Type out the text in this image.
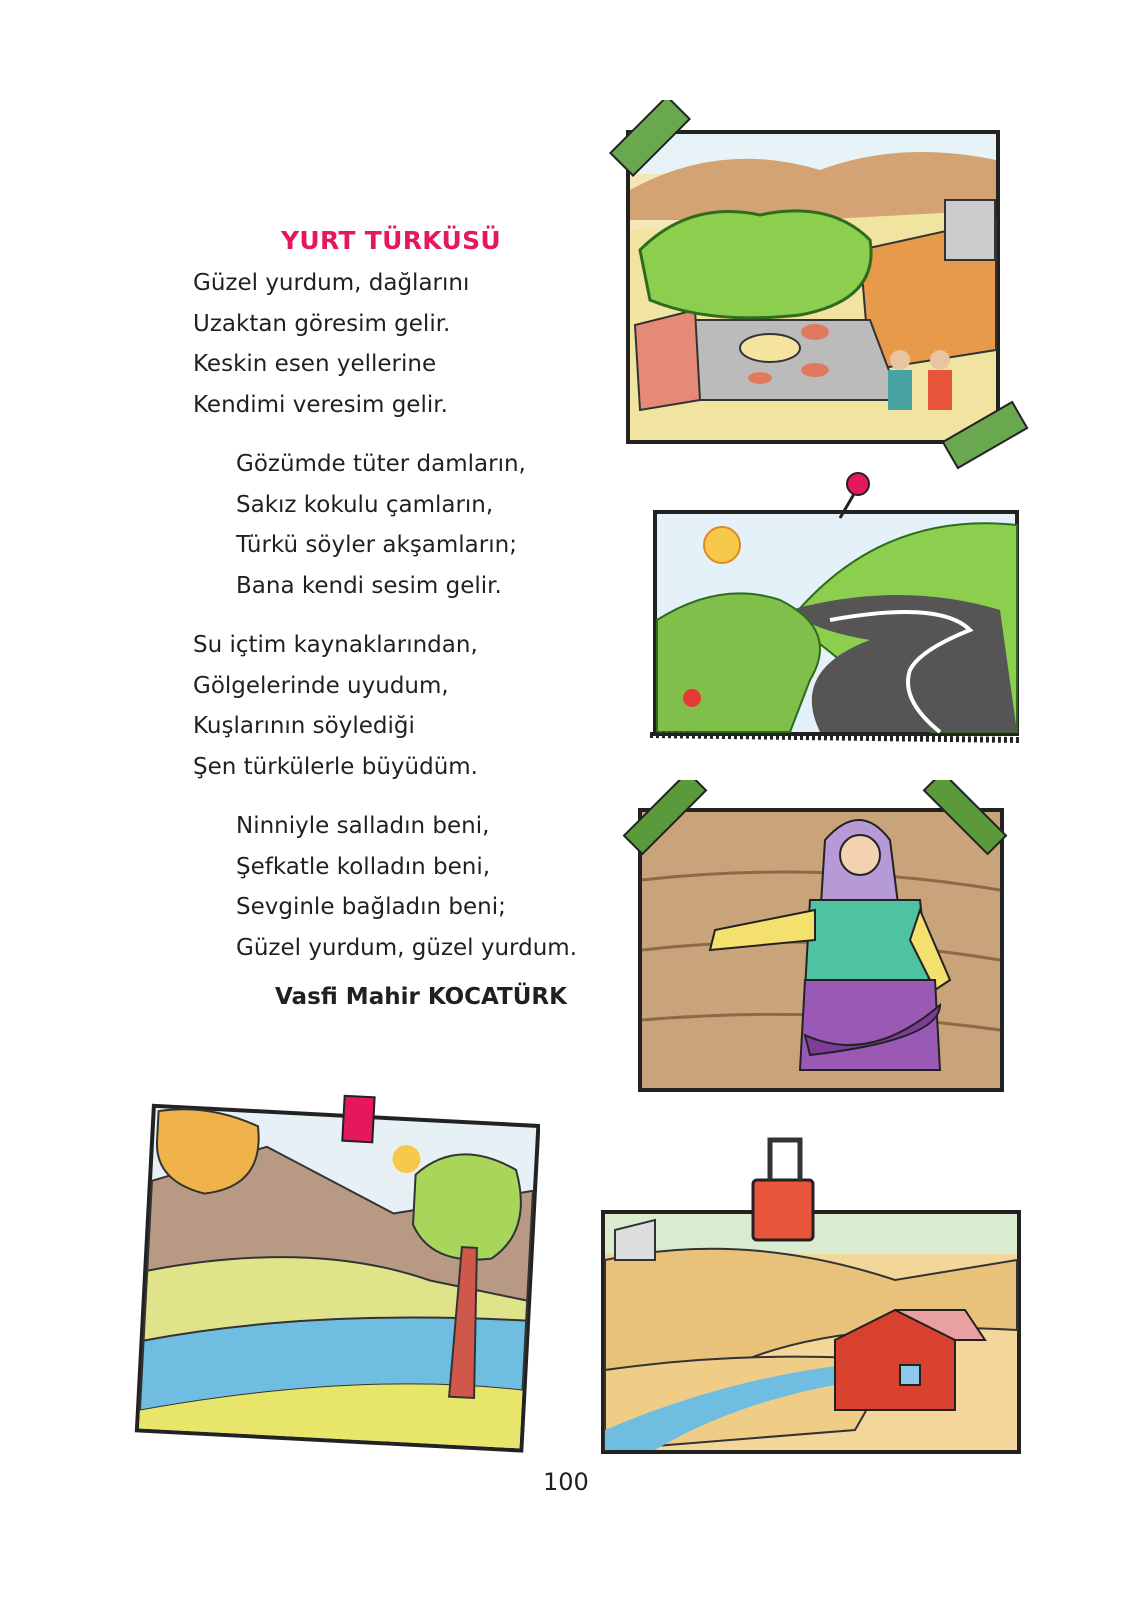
YURT TÜRKÜSÜ
Güzel yurdum, dağlarını
Uzaktan göresim gelir.
Keskin esen yellerine
Kendimi veresim gelir.
Gözümde tüter damların,
Sakız kokulu çamların,
Türkü söyler akşamların;
Bana kendi sesim gelir.
Su içtim kaynaklarından,
Gölgelerinde uyudum,
Kuşlarının söylediği
Şen türkülerle büyüdüm.
Ninniyle salladın beni,
Şefkatle kolladın beni,
Sevginle bağladın beni;
Güzel yurdum, güzel yurdum.
Vasfi Mahir KOCATÜRK
100
